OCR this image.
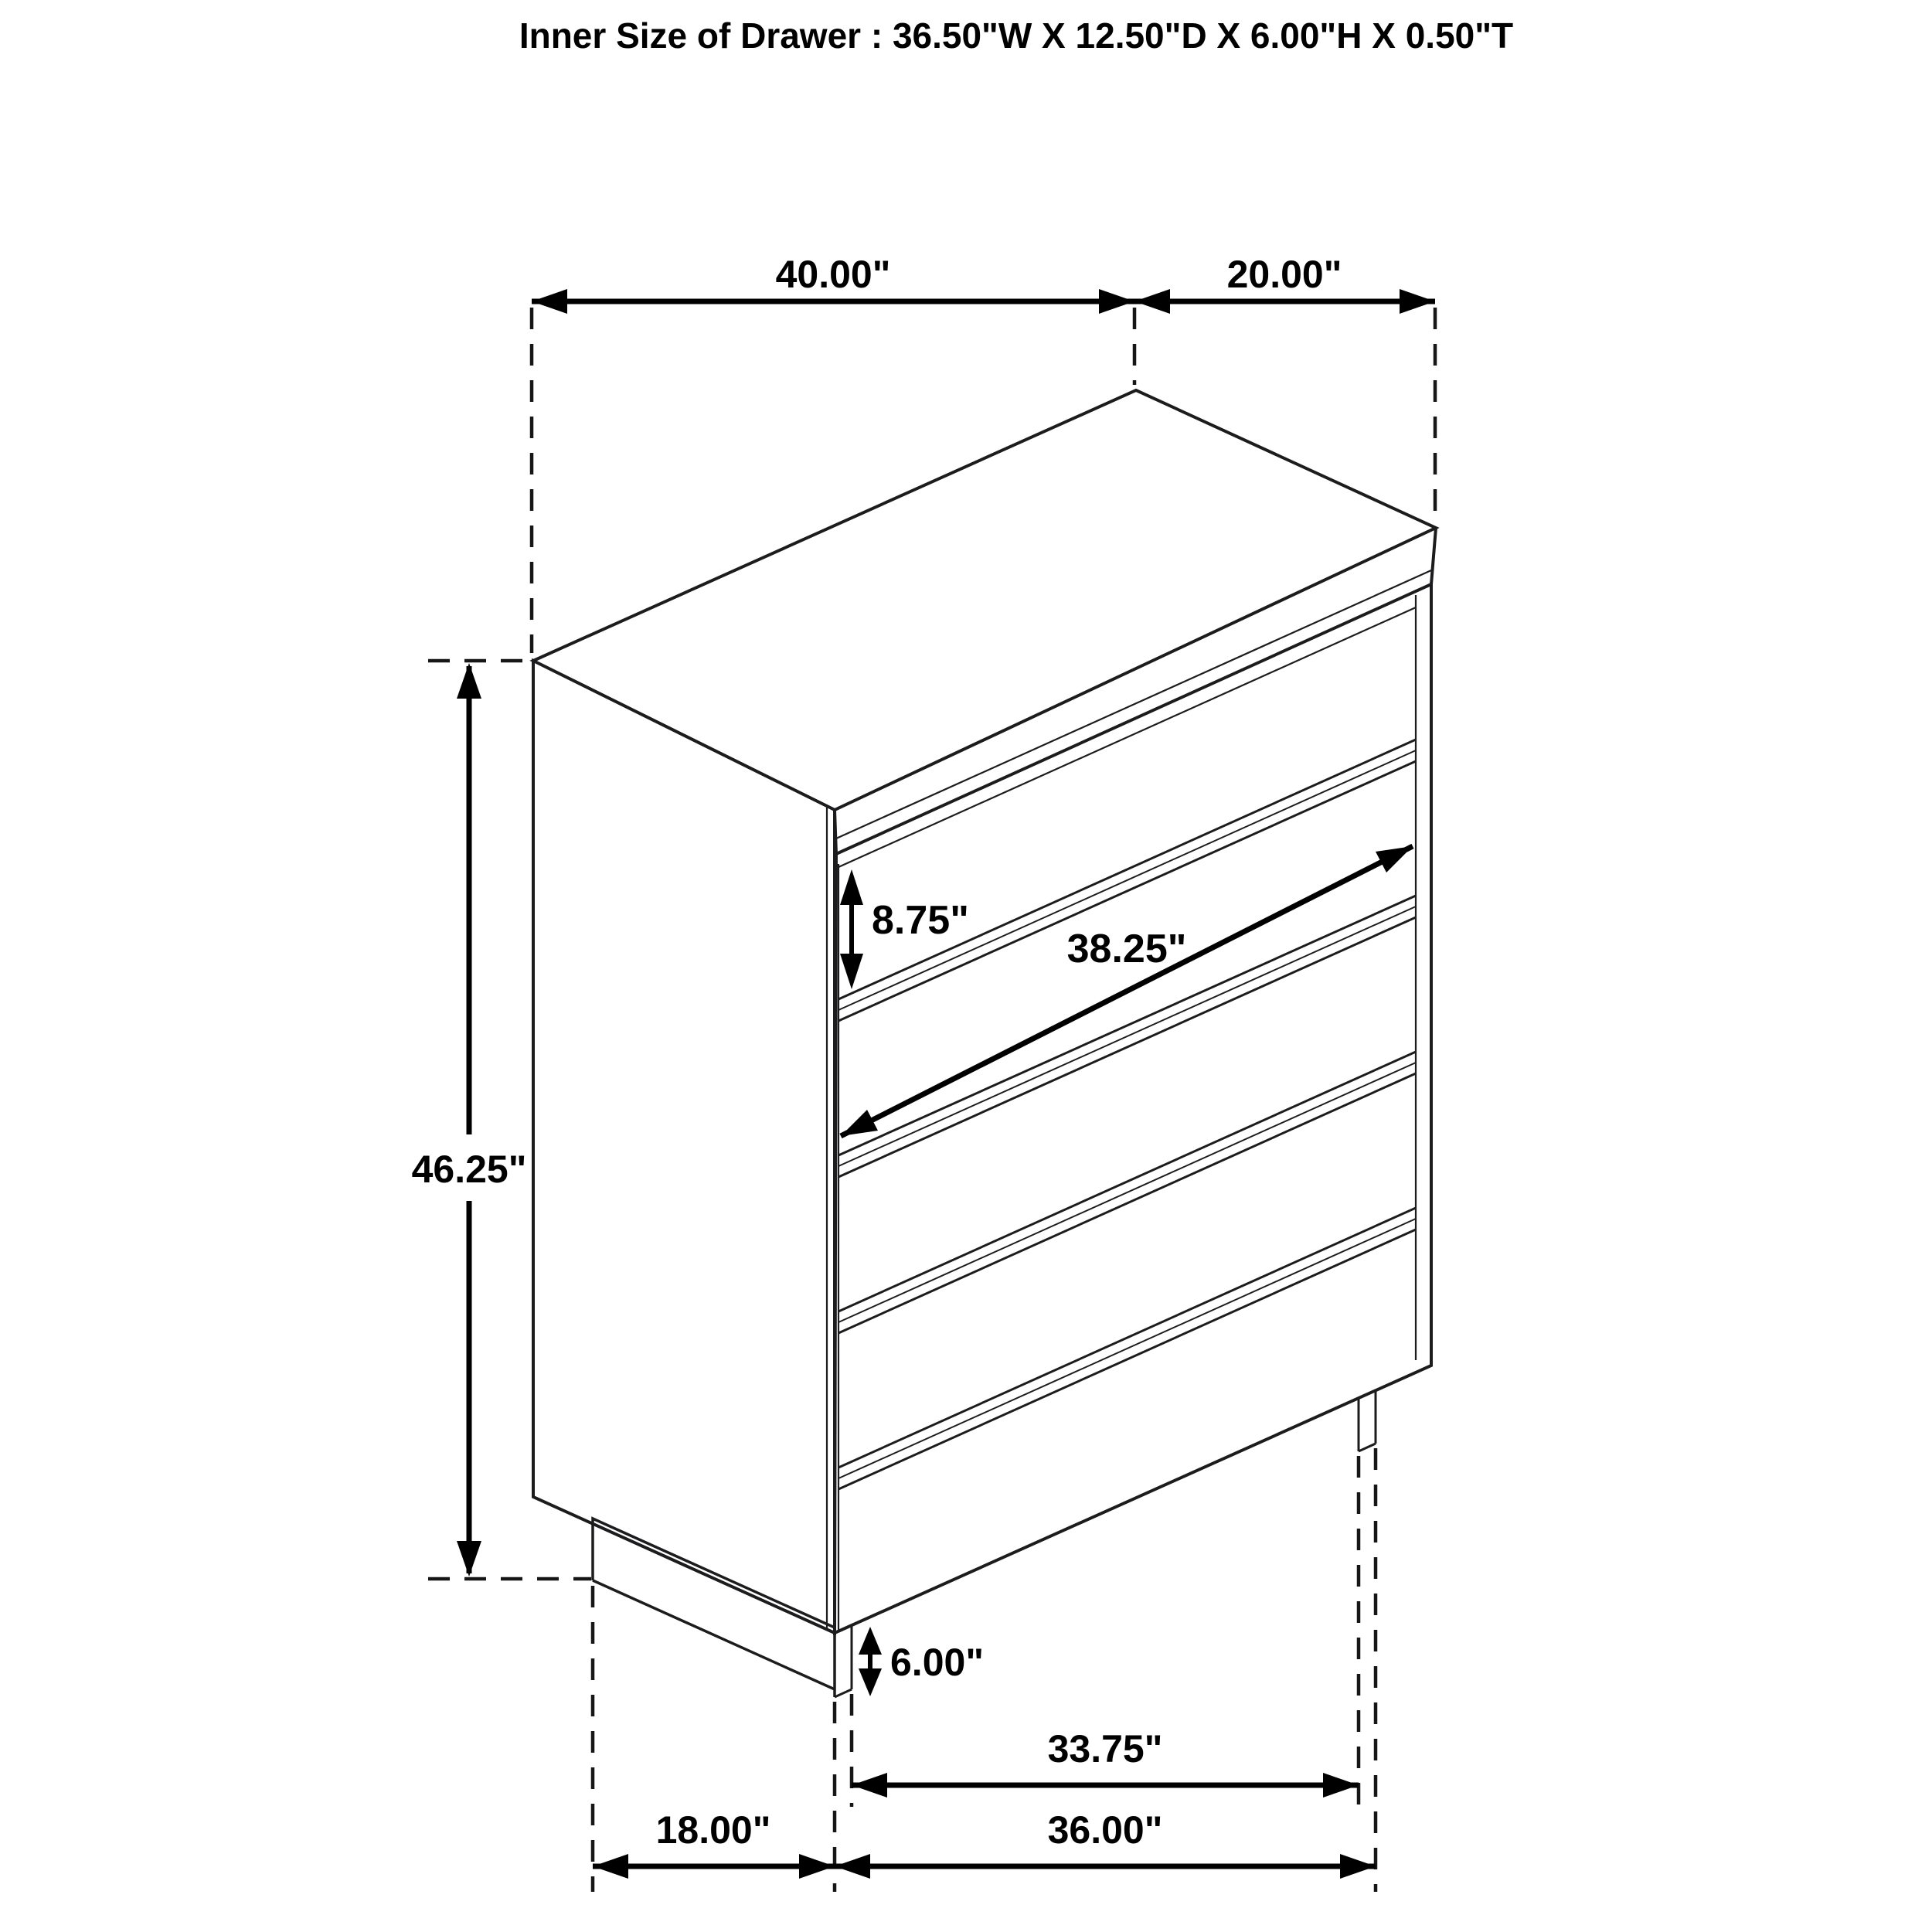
Inner Size of Drawer : 36.50"W X 12.50"D X 6.00"H X 0.50"T
40.00"	20.00"
46.25"
8.75"
38.25"
6.00"
33.75"
36.00"
18.00"
